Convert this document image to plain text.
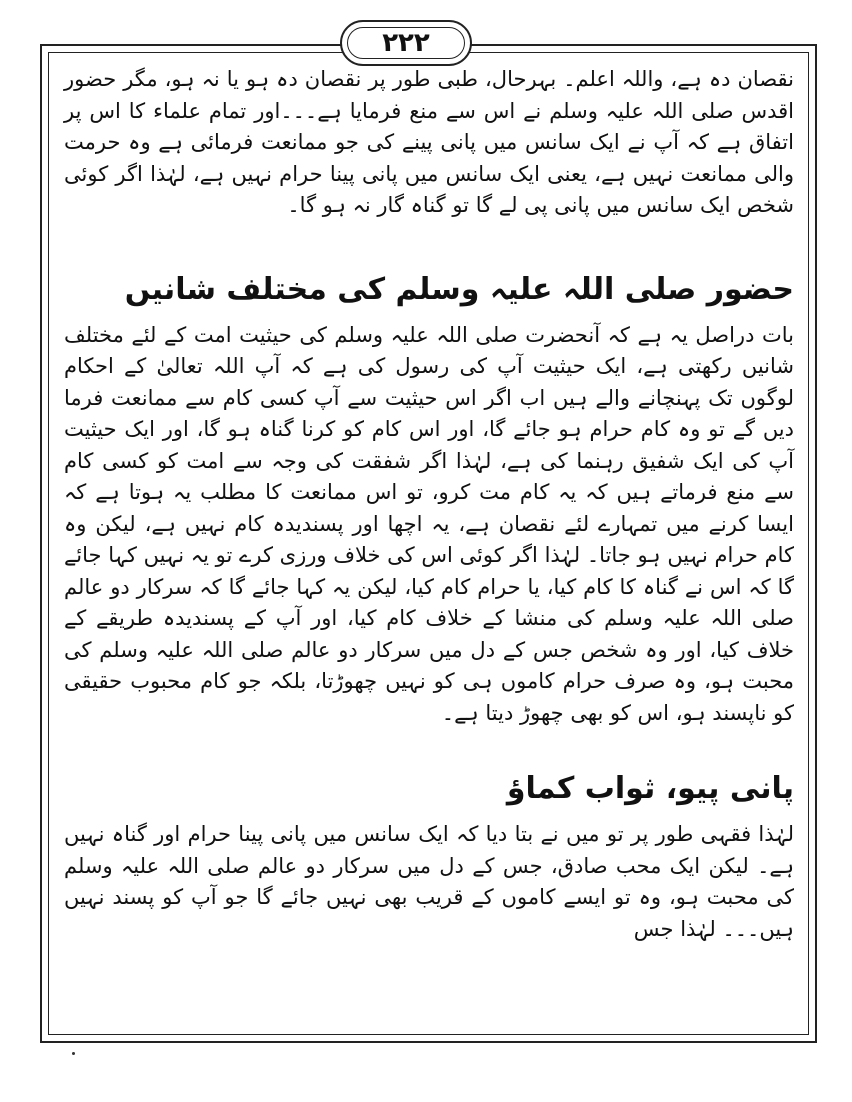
۲۲۲

نقصان دہ ہے، واللہ اعلم۔ بہرحال، طبی طور پر نقصان دہ ہو یا نہ ہو، مگر حضور اقدس صلی اللہ علیہ وسلم نے اس سے منع فرمایا ہے۔۔۔اور تمام علماء کا اس پر اتفاق ہے کہ آپ نے ایک سانس میں پانی پینے کی جو ممانعت فرمائی ہے وہ حرمت والی ممانعت نہیں ہے، یعنی ایک سانس میں پانی پینا حرام نہیں ہے، لہٰذا اگر کوئی شخص ایک سانس میں پانی پی لے گا تو گناہ گار نہ ہو گا۔

حضور صلی اللہ علیہ وسلم کی مختلف شانیں

بات دراصل یہ ہے کہ آنحضرت صلی اللہ علیہ وسلم کی حیثیت امت کے لئے مختلف شانیں رکھتی ہے، ایک حیثیت آپ کی رسول کی ہے کہ آپ اللہ تعالیٰ کے احکام لوگوں تک پہنچانے والے ہیں اب اگر اس حیثیت سے آپ کسی کام سے ممانعت فرما دیں گے تو وہ کام حرام ہو جائے گا، اور اس کام کو کرنا گناہ ہو گا، اور ایک حیثیت آپ کی ایک شفیق رہنما کی ہے، لہٰذا اگر شفقت کی وجہ سے امت کو کسی کام سے منع فرماتے ہیں کہ یہ کام مت کرو، تو اس ممانعت کا مطلب یہ ہوتا ہے کہ ایسا کرنے میں تمہارے لئے نقصان ہے، یہ اچھا اور پسندیدہ کام نہیں ہے، لیکن وہ کام حرام نہیں ہو جاتا۔ لہٰذا اگر کوئی اس کی خلاف ورزی کرے تو یہ نہیں کہا جائے گا کہ اس نے گناہ کا کام کیا، یا حرام کام کیا، لیکن یہ کہا جائے گا کہ سرکار دو عالم صلی اللہ علیہ وسلم کی منشا کے خلاف کام کیا، اور آپ کے پسندیدہ طریقے کے خلاف کیا، اور وہ شخص جس کے دل میں سرکار دو عالم صلی اللہ علیہ وسلم کی محبت ہو، وہ صرف حرام کاموں ہی کو نہیں چھوڑتا، بلکہ جو کام محبوب حقیقی کو ناپسند ہو، اس کو بھی چھوڑ دیتا ہے۔

پانی پیو، ثواب کماؤ

لہٰذا فقہی طور پر تو میں نے بتا دیا کہ ایک سانس میں پانی پینا حرام اور گناہ نہیں ہے۔ لیکن ایک محب صادق، جس کے دل میں سرکار دو عالم صلی اللہ علیہ وسلم کی محبت ہو، وہ تو ایسے کاموں کے قریب بھی نہیں جائے گا جو آپ کو پسند نہیں ہیں۔۔۔ لہٰذا جس
